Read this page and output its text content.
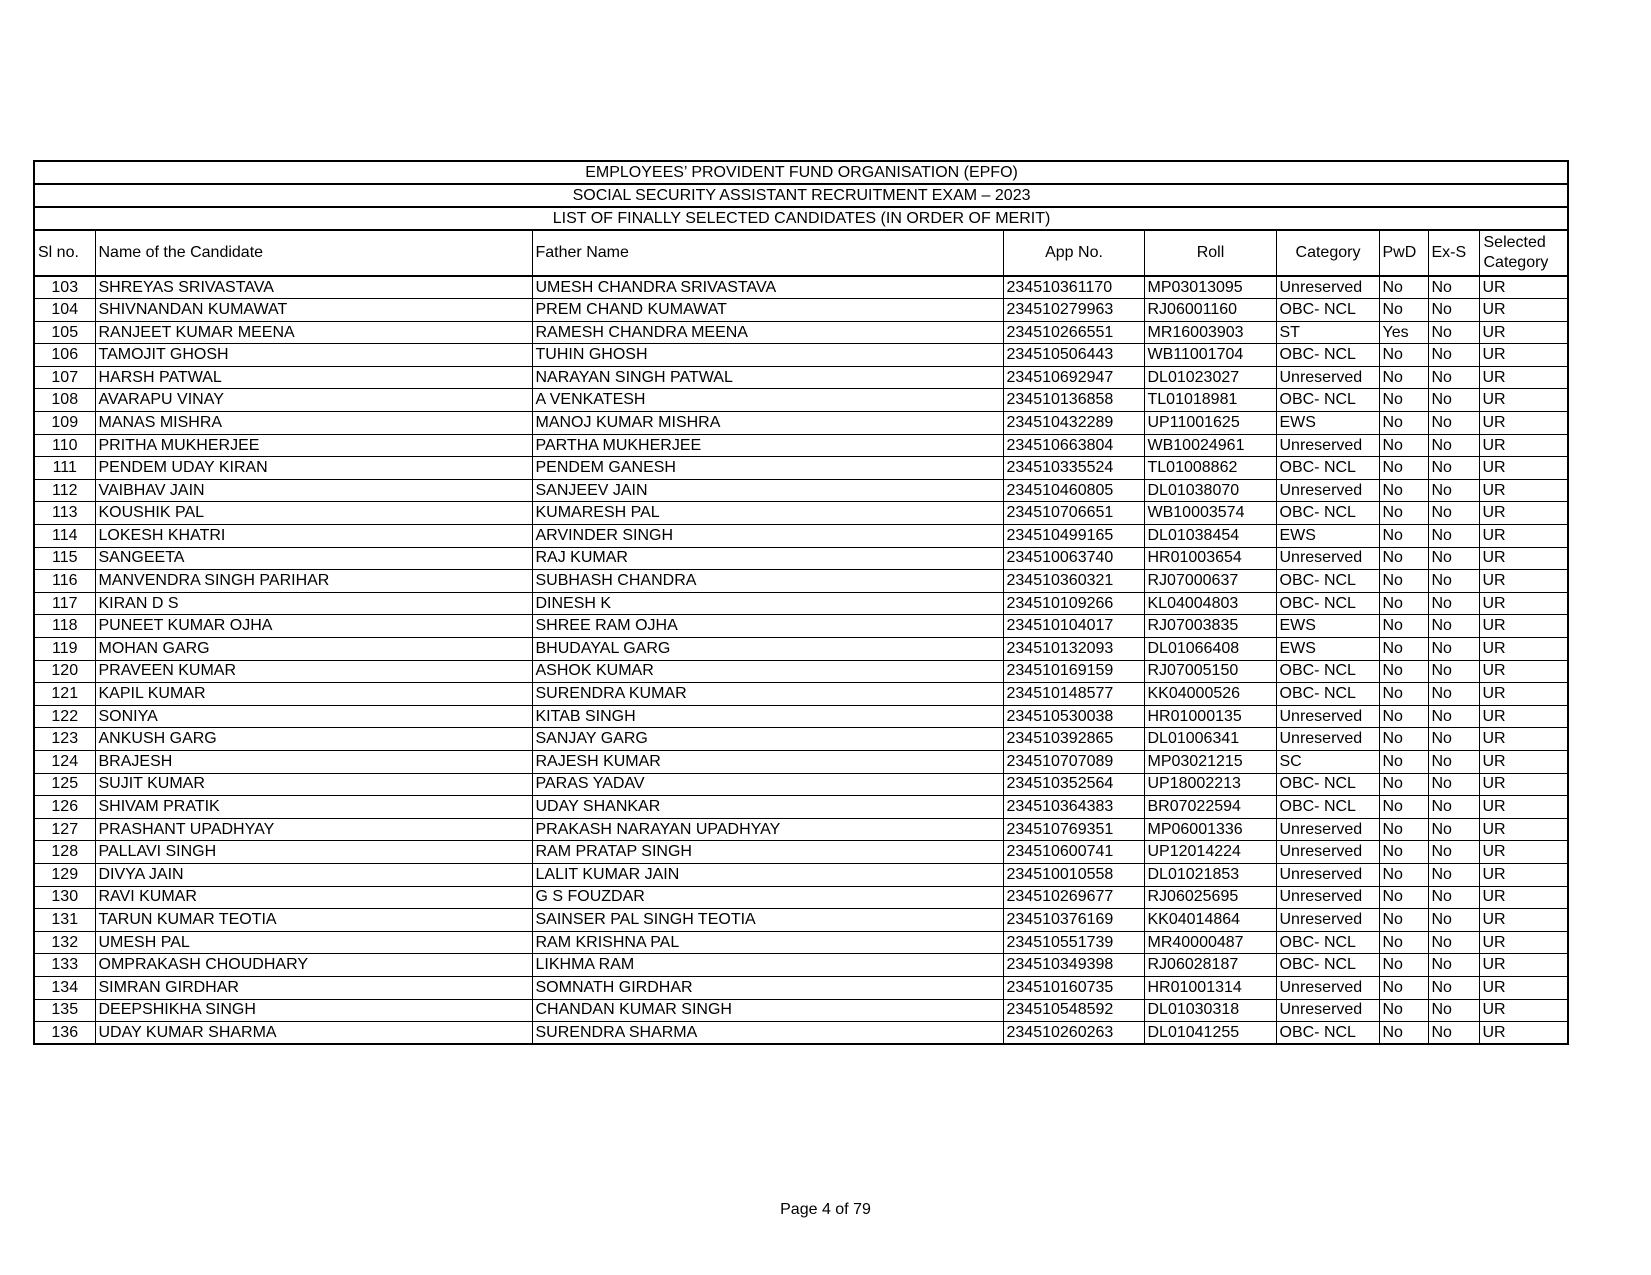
EMPLOYEES’ PROVIDENT FUND ORGANISATION (EPFO)								
SOCIAL SECURITY ASSISTANT RECRUITMENT EXAM – 2023								
LIST OF FINALLY SELECTED CANDIDATES (IN ORDER OF MERIT)								
Sl no.	Name of the Candidate	Father Name	App No.	Roll	Category	PwD	Ex-S	Selected Category
103	SHREYAS SRIVASTAVA	UMESH CHANDRA SRIVASTAVA	234510361170	MP03013095	Unreserved	No	No	UR
104	SHIVNANDAN KUMAWAT	PREM CHAND KUMAWAT	234510279963	RJ06001160	OBC- NCL	No	No	UR
105	RANJEET KUMAR MEENA	RAMESH CHANDRA MEENA	234510266551	MR16003903	ST	Yes	No	UR
106	TAMOJIT GHOSH	TUHIN GHOSH	234510506443	WB11001704	OBC- NCL	No	No	UR
107	HARSH PATWAL	NARAYAN SINGH PATWAL	234510692947	DL01023027	Unreserved	No	No	UR
108	AVARAPU VINAY	A VENKATESH	234510136858	TL01018981	OBC- NCL	No	No	UR
109	MANAS MISHRA	MANOJ KUMAR MISHRA	234510432289	UP11001625	EWS	No	No	UR
110	PRITHA MUKHERJEE	PARTHA MUKHERJEE	234510663804	WB10024961	Unreserved	No	No	UR
111	PENDEM UDAY KIRAN	PENDEM GANESH	234510335524	TL01008862	OBC- NCL	No	No	UR
112	VAIBHAV JAIN	SANJEEV JAIN	234510460805	DL01038070	Unreserved	No	No	UR
113	KOUSHIK PAL	KUMARESH PAL	234510706651	WB10003574	OBC- NCL	No	No	UR
114	LOKESH KHATRI	ARVINDER SINGH	234510499165	DL01038454	EWS	No	No	UR
115	SANGEETA	RAJ KUMAR	234510063740	HR01003654	Unreserved	No	No	UR
116	MANVENDRA SINGH PARIHAR	SUBHASH CHANDRA	234510360321	RJ07000637	OBC- NCL	No	No	UR
117	KIRAN D S	DINESH K	234510109266	KL04004803	OBC- NCL	No	No	UR
118	PUNEET KUMAR OJHA	SHREE RAM OJHA	234510104017	RJ07003835	EWS	No	No	UR
119	MOHAN GARG	BHUDAYAL GARG	234510132093	DL01066408	EWS	No	No	UR
120	PRAVEEN KUMAR	ASHOK KUMAR	234510169159	RJ07005150	OBC- NCL	No	No	UR
121	KAPIL KUMAR	SURENDRA KUMAR	234510148577	KK04000526	OBC- NCL	No	No	UR
122	SONIYA	KITAB SINGH	234510530038	HR01000135	Unreserved	No	No	UR
123	ANKUSH GARG	SANJAY GARG	234510392865	DL01006341	Unreserved	No	No	UR
124	BRAJESH	RAJESH KUMAR	234510707089	MP03021215	SC	No	No	UR
125	SUJIT KUMAR	PARAS YADAV	234510352564	UP18002213	OBC- NCL	No	No	UR
126	SHIVAM PRATIK	UDAY SHANKAR	234510364383	BR07022594	OBC- NCL	No	No	UR
127	PRASHANT UPADHYAY	PRAKASH NARAYAN UPADHYAY	234510769351	MP06001336	Unreserved	No	No	UR
128	PALLAVI SINGH	RAM PRATAP SINGH	234510600741	UP12014224	Unreserved	No	No	UR
129	DIVYA JAIN	LALIT KUMAR JAIN	234510010558	DL01021853	Unreserved	No	No	UR
130	RAVI KUMAR	G S FOUZDAR	234510269677	RJ06025695	Unreserved	No	No	UR
131	TARUN KUMAR TEOTIA	SAINSER PAL SINGH TEOTIA	234510376169	KK04014864	Unreserved	No	No	UR
132	UMESH PAL	RAM KRISHNA PAL	234510551739	MR40000487	OBC- NCL	No	No	UR
133	OMPRAKASH CHOUDHARY	LIKHMA RAM	234510349398	RJ06028187	OBC- NCL	No	No	UR
134	SIMRAN GIRDHAR	SOMNATH GIRDHAR	234510160735	HR01001314	Unreserved	No	No	UR
135	DEEPSHIKHA SINGH	CHANDAN KUMAR SINGH	234510548592	DL01030318	Unreserved	No	No	UR
136	UDAY KUMAR SHARMA	SURENDRA SHARMA	234510260263	DL01041255	OBC- NCL	No	No	UR
Page 4 of 79
